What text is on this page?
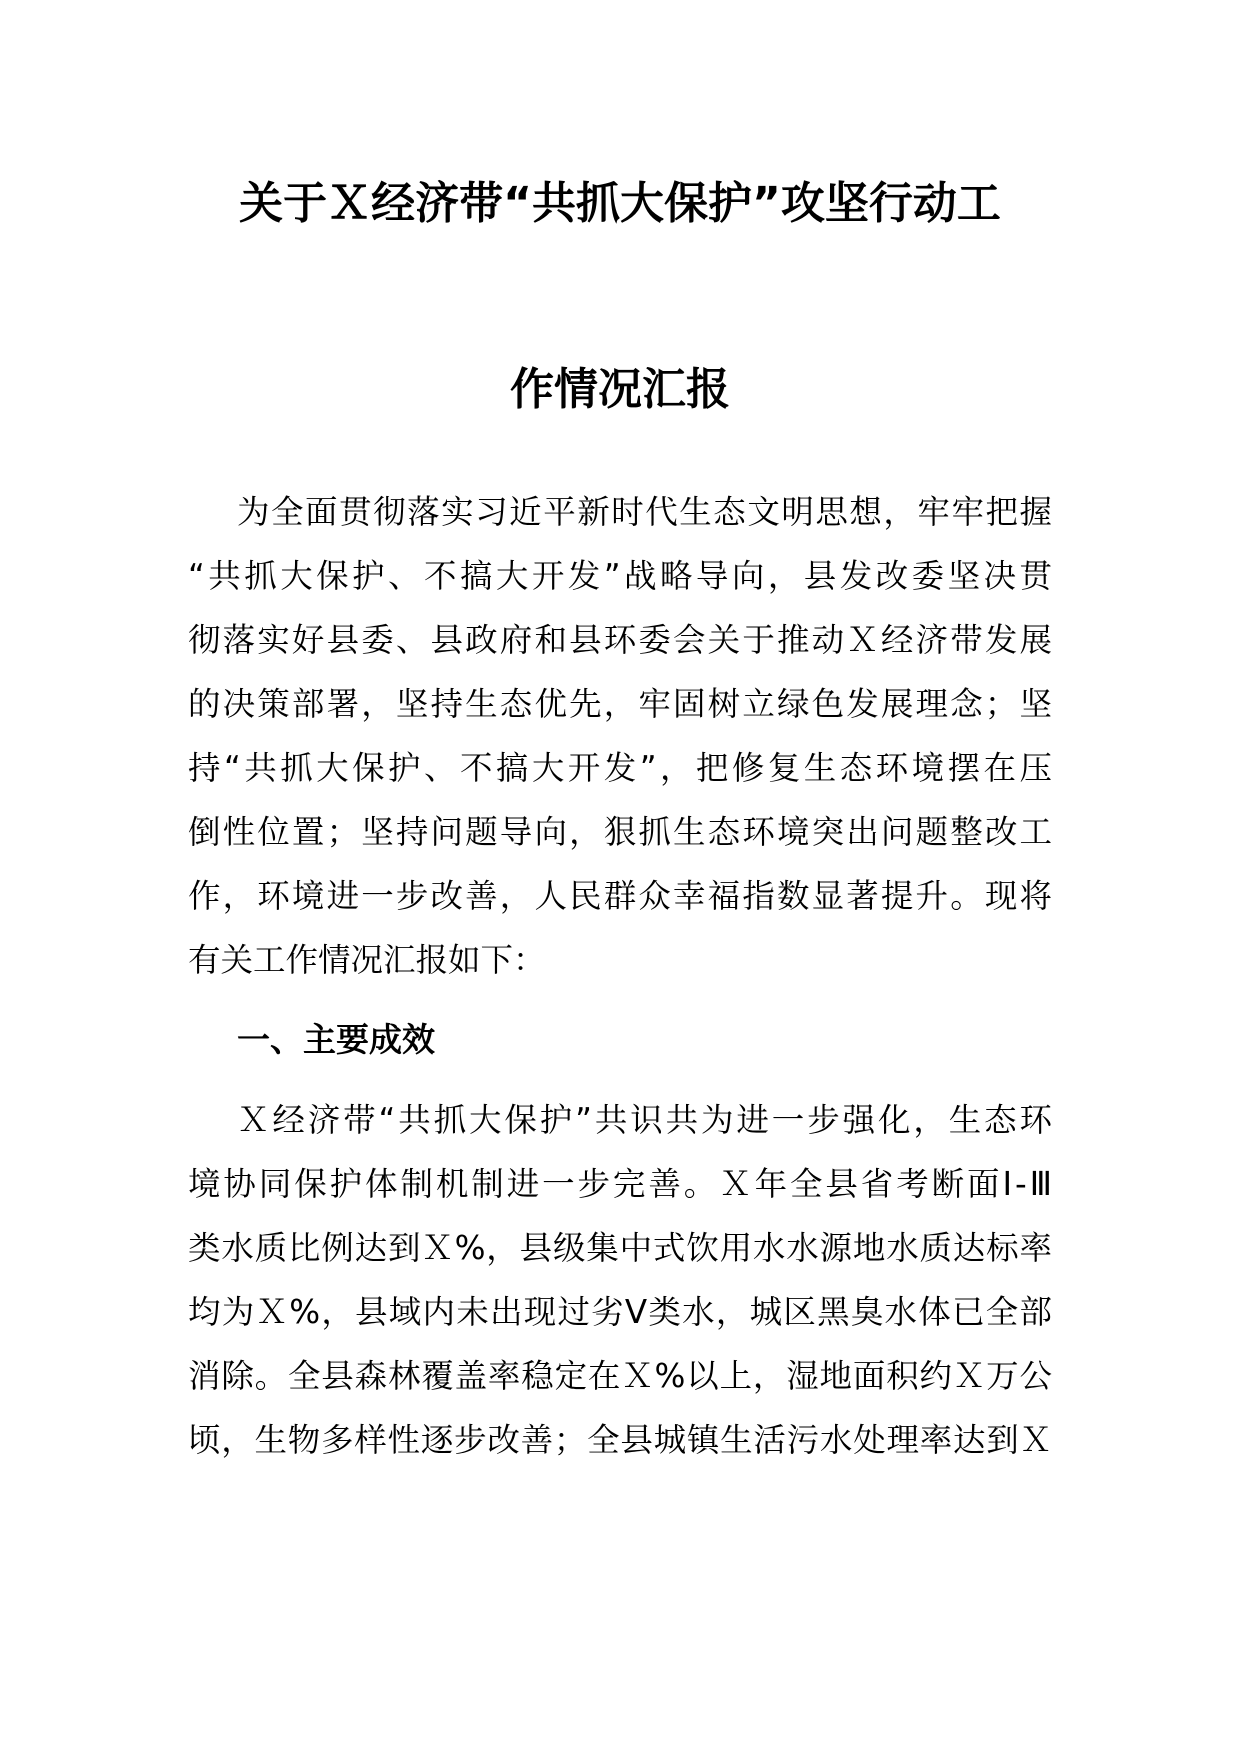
关于Ｘ经济带“共抓大保护”攻坚行动工
作情况汇报
为全面贯彻落实习近平新时代生态文明思想，牢牢把握
“共抓大保护、不搞大开发”战略导向，县发改委坚决贯
彻落实好县委、县政府和县环委会关于推动Ｘ经济带发展
的决策部署，坚持生态优先，牢固树立绿色发展理念；坚
持“共抓大保护、不搞大开发”，把修复生态环境摆在压
倒性位置；坚持问题导向，狠抓生态环境突出问题整改工
作，环境进一步改善，人民群众幸福指数显著提升。现将
有关工作情况汇报如下：
一、主要成效
Ｘ经济带“共抓大保护”共识共为进一步强化，生态环
境协同保护体制机制进一步完善。Ｘ年全县省考断面Ⅰ-Ⅲ
类水质比例达到Ｘ%，县级集中式饮用水水源地水质达标率
均为Ｘ%，县域内未出现过劣Ⅴ类水，城区黑臭水体已全部
消除。全县森林覆盖率稳定在Ｘ%以上，湿地面积约Ｘ万公
顷，生物多样性逐步改善；全县城镇生活污水处理率达到Ｘ
